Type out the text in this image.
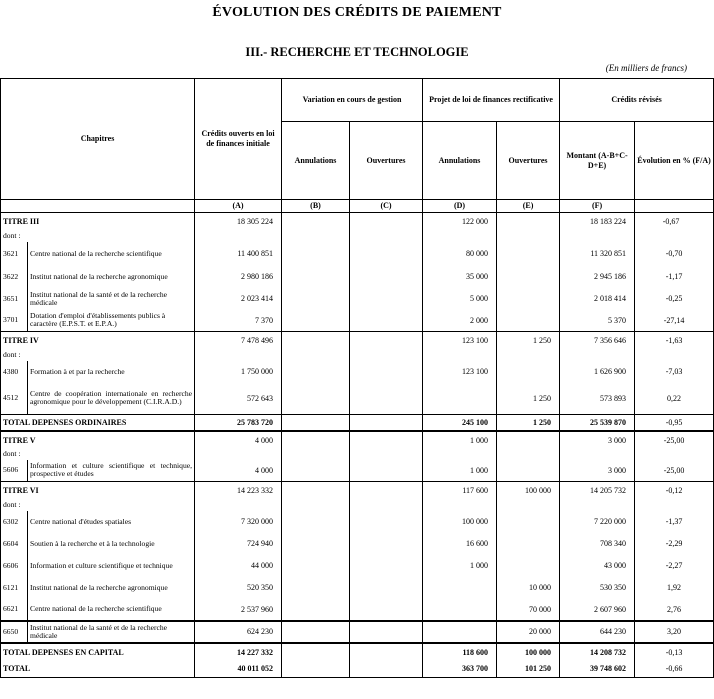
ÉVOLUTION DES CRÉDITS DE PAIEMENT
III.- RECHERCHE ET TECHNOLOGIE
(En milliers de francs)
Chapitres		Crédits ouverts en loi de finances initiale	Variation en cours de gestion		Projet de loi de finances rectificative		Crédits révisés	
			Annulations	Ouvertures	Annulations	Ouvertures	Montant (A-B+C-D+E)	Évolution en % (F/A)
		(A)	(B)	(C)	(D)	(E)	(F)	
TITRE III		18 305 224			122 000		18 183 224	-0,67
dont :								
3621	Centre national de la recherche scientifique	11 400 851			80 000		11 320 851	-0,70
3622	Institut national de la recherche agronomique	2 980 186			35 000		2 945 186	-1,17
3651	Institut national de la santé et de la recherche médicale	2 023 414			5 000		2 018 414	-0,25
3701	Dotation d'emploi d'établissements publics à caractère (E.P.S.T. et E.P.A.)	7 370			2 000		5 370	-27,14
TITRE IV		7 478 496			123 100	1 250	7 356 646	-1,63
dont :								
4380	Formation à et par la recherche	1 750 000			123 100		1 626 900	-7,03
4512	Centre de coopération internationale en recherche agronomique pour le développement (C.I.R.A.D.)	572 643				1 250	573 893	0,22
TOTAL DEPENSES ORDINAIRES		25 783 720			245 100	1 250	25 539 870	-0,95
TITRE V		4 000			1 000		3 000	-25,00
dont :								
5606	Information et culture scientifique et technique, prospective et études	4 000			1 000		3 000	-25,00
TITRE VI		14 223 332			117 600	100 000	14 205 732	-0,12
dont :								
6302	Centre national d'études spatiales	7 320 000			100 000		7 220 000	-1,37
6604	Soutien à la recherche et à la technologie	724 940			16 600		708 340	-2,29
6606	Information et culture scientifique et technique	44 000			1 000		43 000	-2,27
6121	Institut national de la recherche agronomique	520 350				10 000	530 350	1,92
6621	Centre national de la recherche scientifique	2 537 960				70 000	2 607 960	2,76
6650	Institut national de la santé et de la recherche médicale	624 230				20 000	644 230	3,20
TOTAL DEPENSES EN CAPITAL		14 227 332			118 600	100 000	14 208 732	-0,13
TOTAL		40 011 052			363 700	101 250	39 748 602	-0,66
